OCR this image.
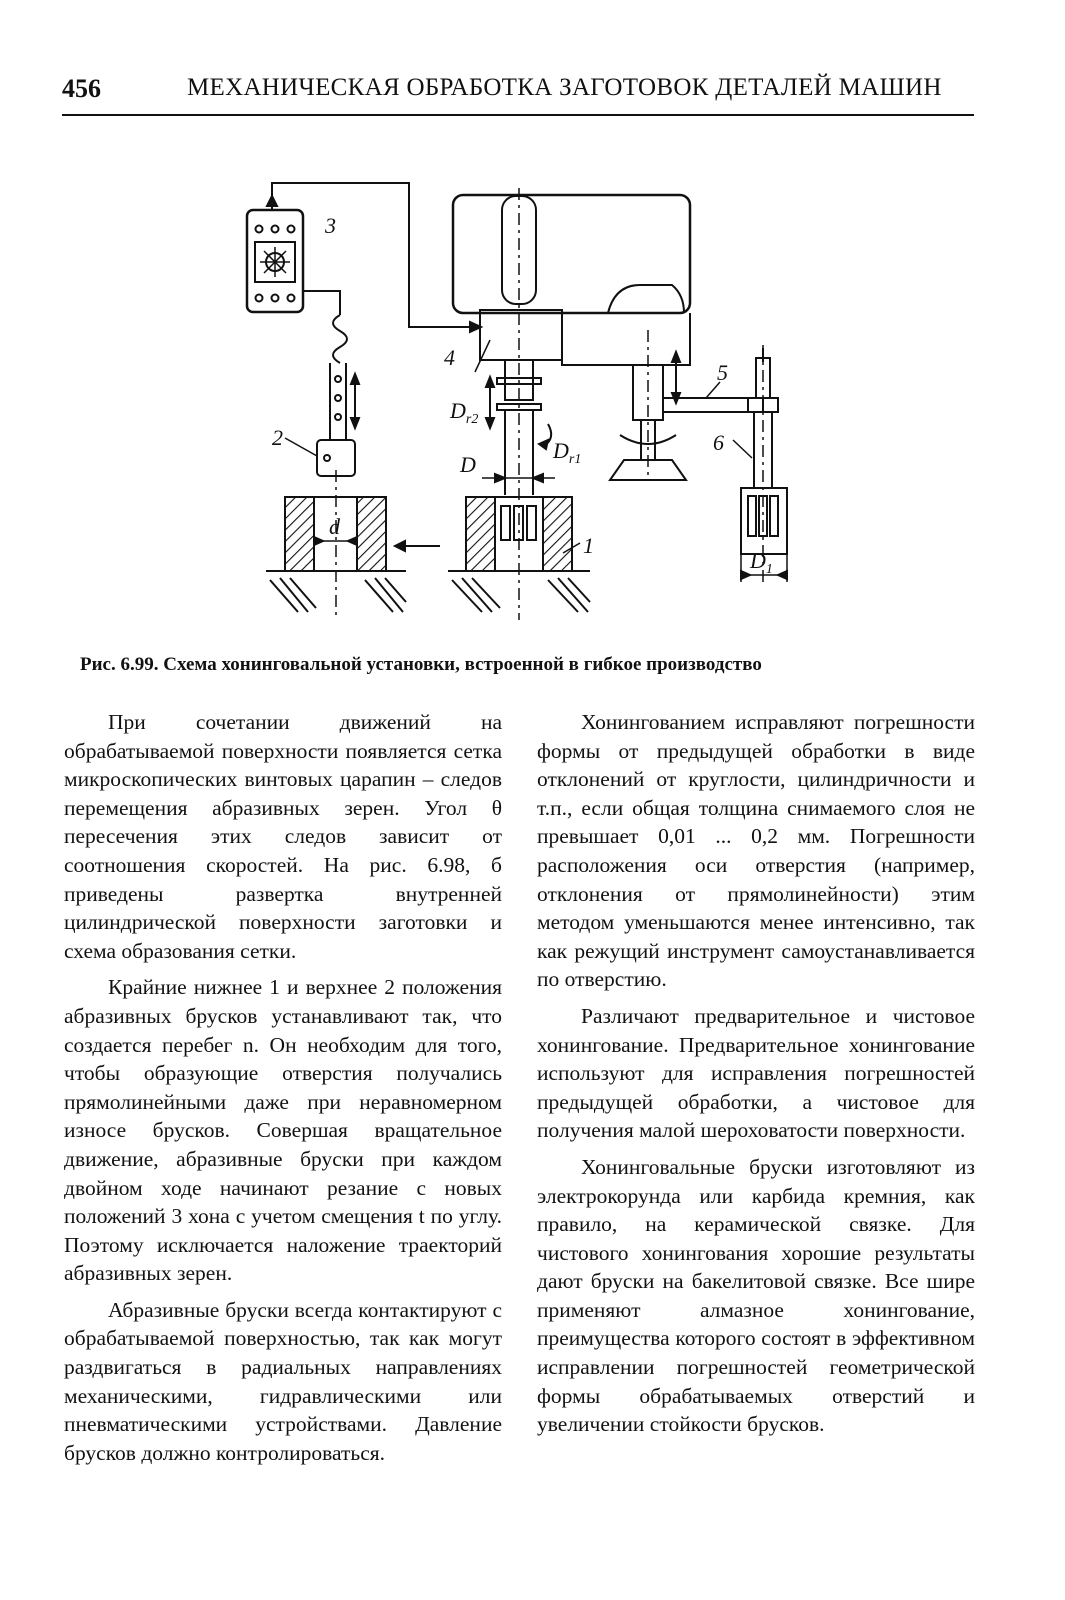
456	МЕХАНИЧЕСКАЯ ОБРАБОТКА ЗАГОТОВОК ДЕТАЛЕЙ МАШИН
3
4
5
2	6
1
d
D
$D_{r2}$
$D_{r1}$
$D_1$
Рис. 6.99. Схема хонинговальной установки, встроенной в гибкое производство

При сочетании движений на обрабатываемой поверхности появляется сетка микроскопических винтовых царапин – следов перемещения абразивных зерен. Угол θ пересечения этих следов зависит от соотношения скоростей. На рис. 6.98, б приведены развертка внутренней цилиндрической поверхности заготовки и схема образования сетки.

Крайние нижнее 1 и верхнее 2 положения абразивных брусков устанавливают так, что создается перебег n. Он необходим для того, чтобы образующие отверстия получались прямолинейными даже при неравномерном износе брусков. Совершая вращательное движение, абразивные бруски при каждом двойном ходе начинают резание с новых положений 3 хона с учетом смещения t по углу. Поэтому исключается наложение траекторий абразивных зерен.

Абразивные бруски всегда контактируют с обрабатываемой поверхностью, так как могут раздвигаться в радиальных направлениях механическими, гидравлическими или пневматическими устройствами. Давление брусков должно контролироваться.

Хонингованием исправляют погрешности формы от предыдущей обработки в виде отклонений от круглости, цилиндричности и т.п., если общая толщина снимаемого слоя не превышает 0,01 ... 0,2 мм. Погрешности расположения оси отверстия (например, отклонения от прямолинейности) этим методом уменьшаются менее интенсивно, так как режущий инструмент самоустанавливается по отверстию.

Различают предварительное и чистовое хонингование. Предварительное хонингование используют для исправления погрешностей предыдущей обработки, а чистовое для получения малой шероховатости поверхности.

Хонинговальные бруски изготовляют из электрокорунда или карбида кремния, как правило, на керамической связке. Для чистового хонингования хорошие результаты дают бруски на бакелитовой связке. Все шире применяют алмазное хонингование, преимущества которого состоят в эффективном исправлении погрешностей геометрической формы обрабатываемых отверстий и увеличении стойкости брусков.
